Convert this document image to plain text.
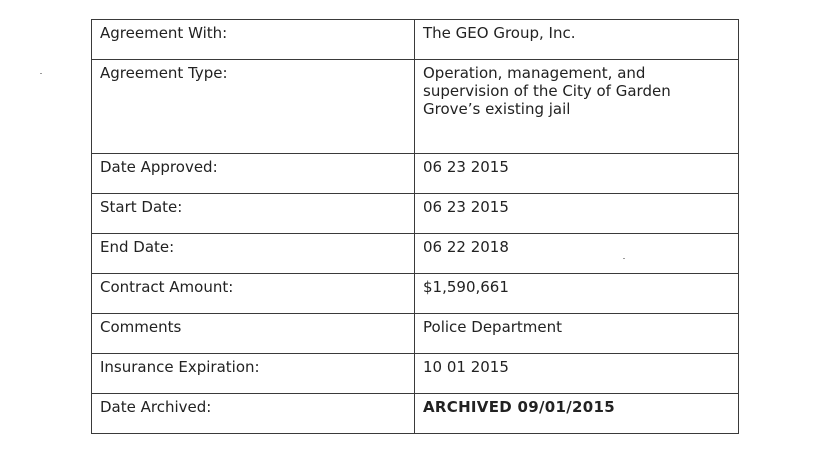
Agreement With:	The GEO Group, Inc.
Agreement Type:	Operation, management, and supervision of the City of Garden Grove’s existing jail
Date Approved:	06 23 2015
Start Date:	06 23 2015
End Date:	06 22 2018
Contract Amount:	$1,590,661
Comments	Police Department
Insurance Expiration:	10 01 2015
Date Archived:	ARCHIVED 09/01/2015
